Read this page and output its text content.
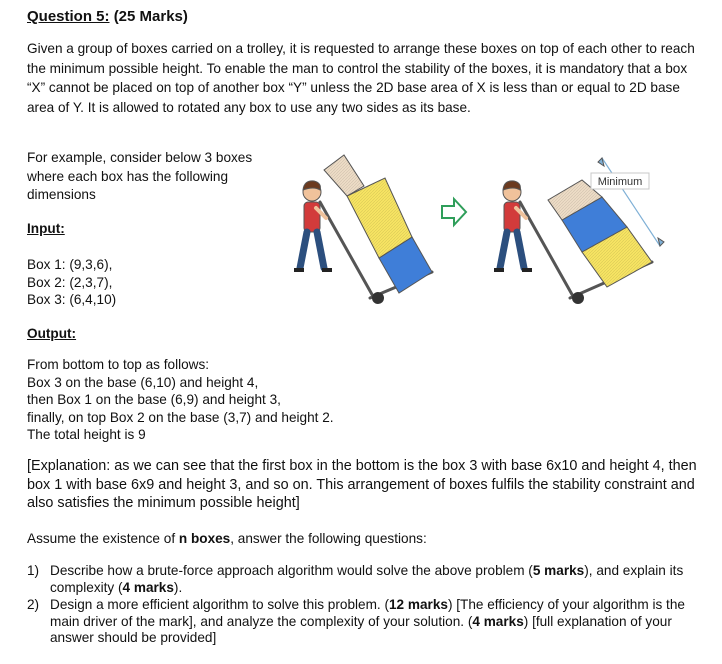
Question 5: (25 Marks)
Given a group of boxes carried on a trolley, it is requested to arrange these boxes on top of each other to reach the minimum possible height. To enable the man to control the stability of the boxes, it is mandatory that a box “X” cannot be placed on top of another box “Y” unless the 2D base area of X is less than or equal to 2D base area of Y. It is allowed to rotated any box to use any two sides as its base.
For example, consider below 3 boxes where each box has the following dimensions
Input:
Box 1: (9,3,6),
Box 2: (2,3,7),
Box 3: (6,4,10)
Output:
From bottom to top as follows:
Box 3 on the base (6,10) and height 4,
then Box 1 on the base (6,9) and height 3,
finally, on top Box 2 on the base (3,7) and height 2.
The total height is 9
[Explanation: as we can see that the first box in the bottom is the box 3 with base 6x10 and height 4, then box 1 with base 6x9 and height 3, and so on. This arrangement of boxes fulfils the stability constraint and also satisfies the minimum possible height]
Assume the existence of n boxes, answer the following questions:
1) Describe how a brute-force approach algorithm would solve the above problem (5 marks), and explain its complexity (4 marks).
2) Design a more efficient algorithm to solve this problem. (12 marks) [The efficiency of your algorithm is the main driver of the mark], and analyze the complexity of your solution. (4 marks) [full explanation of your answer should be provided]
Minimum
